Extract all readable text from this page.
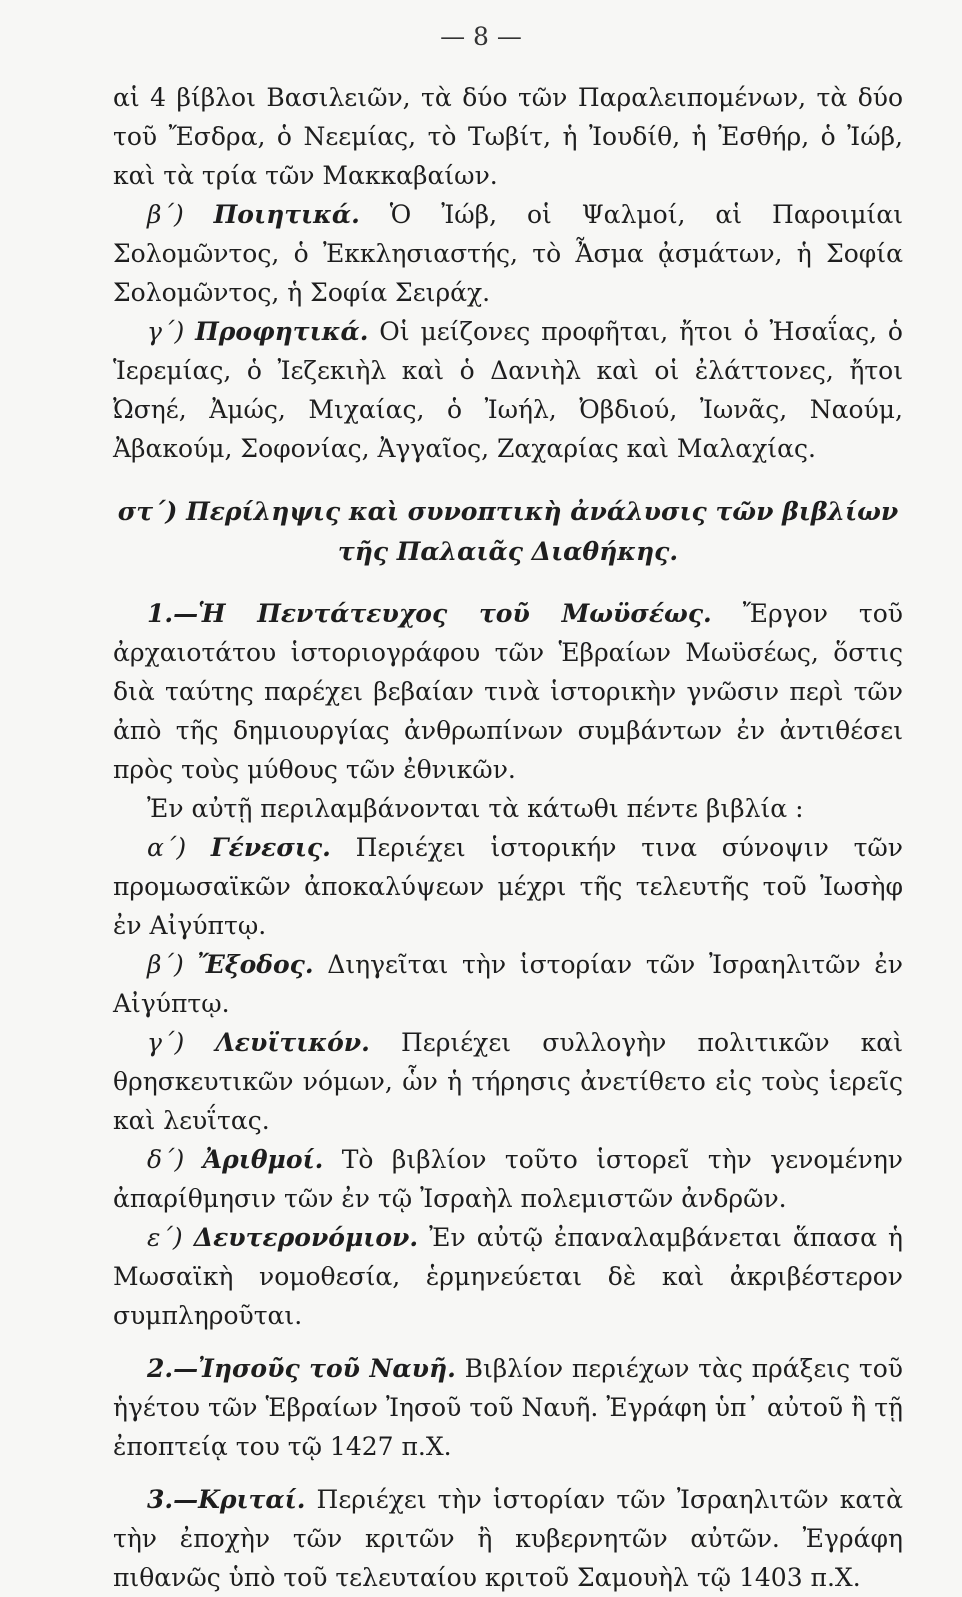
— 8 —

αἱ 4 βίβλοι Βασιλειῶν, τὰ δύο τῶν Παραλειπομένων, τὰ δύο τοῦ Ἔσδρα, ὁ Νεεμίας, τὸ Τωβίτ, ἡ Ἰουδίθ, ἡ Ἐσθήρ, ὁ Ἰώβ, καὶ τὰ τρία τῶν Μακκαβαίων.

β΄) Ποιητικά. Ὁ Ἰώβ, οἱ Ψαλμοί, αἱ Παροιμίαι Σολομῶντος, ὁ Ἐκκλησιαστής, τὸ Ἆσμα ᾀσμάτων, ἡ Σοφία Σολομῶντος, ἡ Σοφία Σειράχ.

γ΄) Προφητικά. Οἱ μείζονες προφῆται, ἤτοι ὁ Ἠσαΐας, ὁ Ἱερεμίας, ὁ Ἰεζεκιὴλ καὶ ὁ Δανιὴλ καὶ οἱ ἐλάττονες, ἤτοι Ὠσηέ, Ἀμώς, Μιχαίας, ὁ Ἰωήλ, Ὀβδιού, Ἰωνᾶς, Ναούμ, Ἀβακούμ, Σοφονίας, Ἀγγαῖος, Ζαχαρίας καὶ Μαλαχίας.

στ΄) Περίληψις καὶ συνοπτικὴ ἀνάλυσις τῶν βιβλίων
τῆς Παλαιᾶς Διαθήκης.

1.—Ἡ Πεντάτευχος τοῦ Μωϋσέως. Ἔργον τοῦ ἀρχαιοτάτου ἱστοριογράφου τῶν Ἑβραίων Μωϋσέως, ὅστις διὰ ταύτης παρέχει βεβαίαν τινὰ ἱστορικὴν γνῶσιν περὶ τῶν ἀπὸ τῆς δημιουργίας ἀνθρωπίνων συμβάντων ἐν ἀντιθέσει πρὸς τοὺς μύθους τῶν ἐθνικῶν.

Ἐν αὐτῇ περιλαμβάνονται τὰ κάτωθι πέντε βιβλία :

α΄) Γένεσις. Περιέχει ἱστορικήν τινα σύνοψιν τῶν προμωσαϊκῶν ἀποκαλύψεων μέχρι τῆς τελευτῆς τοῦ Ἰωσὴφ ἐν Αἰγύπτῳ.

β΄) Ἔξοδος. Διηγεῖται τὴν ἱστορίαν τῶν Ἰσραηλιτῶν ἐν Αἰγύπτῳ.

γ΄) Λευϊτικόν. Περιέχει συλλογὴν πολιτικῶν καὶ θρησκευτικῶν νόμων, ὧν ἡ τήρησις ἀνετίθετο εἰς τοὺς ἱερεῖς καὶ λευΐτας.

δ΄) Ἀριθμοί. Τὸ βιβλίον τοῦτο ἱστορεῖ τὴν γενομένην ἀπαρίθμησιν τῶν ἐν τῷ Ἰσραὴλ πολεμιστῶν ἀνδρῶν.

ε΄) Δευτερονόμιον. Ἐν αὐτῷ ἐπαναλαμβάνεται ἅπασα ἡ Μωσαϊκὴ νομοθεσία, ἑρμηνεύεται δὲ καὶ ἀκριβέστερον συμπληροῦται.

2.—Ἰησοῦς τοῦ Ναυῆ. Βιβλίον περιέχων τὰς πράξεις τοῦ ἡγέτου τῶν Ἑβραίων Ἰησοῦ τοῦ Ναυῆ. Ἐγράφη ὑπ᾽ αὐτοῦ ἢ τῇ ἐποπτείᾳ του τῷ 1427 π.Χ.

3.—Κριταί. Περιέχει τὴν ἱστορίαν τῶν Ἰσραηλιτῶν κατὰ τὴν ἐποχὴν τῶν κριτῶν ἢ κυβερνητῶν αὐτῶν. Ἐγράφη πιθανῶς ὑπὸ τοῦ τελευταίου κριτοῦ Σαμουὴλ τῷ 1403 π.Χ.
